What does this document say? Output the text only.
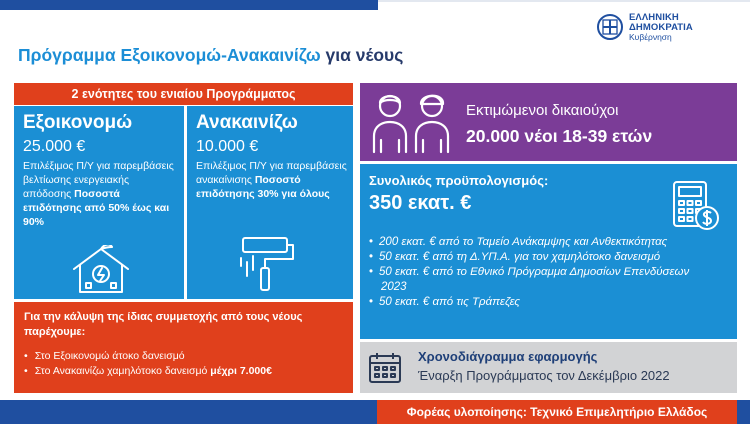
ΕΛΛΗΝΙΚΗ ΔΗΜΟΚΡΑΤΙΑ
Κυβέρνηση
Πρόγραμμα Εξοικονομώ-Ανακαινίζω για νέους
2 ενότητες του ενιαίου Προγράμματος
Εξοικονομώ
25.000 €
Επιλέξιμος Π/Υ για παρεμβάσεις βελτίωσης ενεργειακής απόδοσης Ποσοστά επιδότησης από 50% έως και 90%
Ανακαινίζω
10.000 €
Επιλέξιμος Π/Υ για παρεμβάσεις ανακαίνισης Ποσοστό επιδότησης 30% για όλους
Για την κάλυψη της ίδιας συμμετοχής από τους νέους παρέχουμε:
• Στο Εξοικονομώ άτοκο δανεισμό
• Στο Ανακαινίζω χαμηλότοκο δανεισμό μέχρι 7.000€
Εκτιμώμενοι δικαιούχοι
20.000 νέοι 18-39 ετών
Συνολικός προϋπολογισμός:
350 εκατ. €
• 200 εκατ. € από το Ταμείο Ανάκαμψης και Ανθεκτικότητας
• 50 εκατ. € από τη Δ.ΥΠ.Α. για τον χαμηλότοκο δανεισμό
• 50 εκατ. € από το Εθνικό Πρόγραμμα Δημοσίων Επενδύσεων 2023
• 50 εκατ. € από τις Τράπεζες
Χρονοδιάγραμμα εφαρμογής
Έναρξη Προγράμματος τον Δεκέμβριο 2022
Φορέας υλοποίησης: Τεχνικό Επιμελητήριο Ελλάδος
